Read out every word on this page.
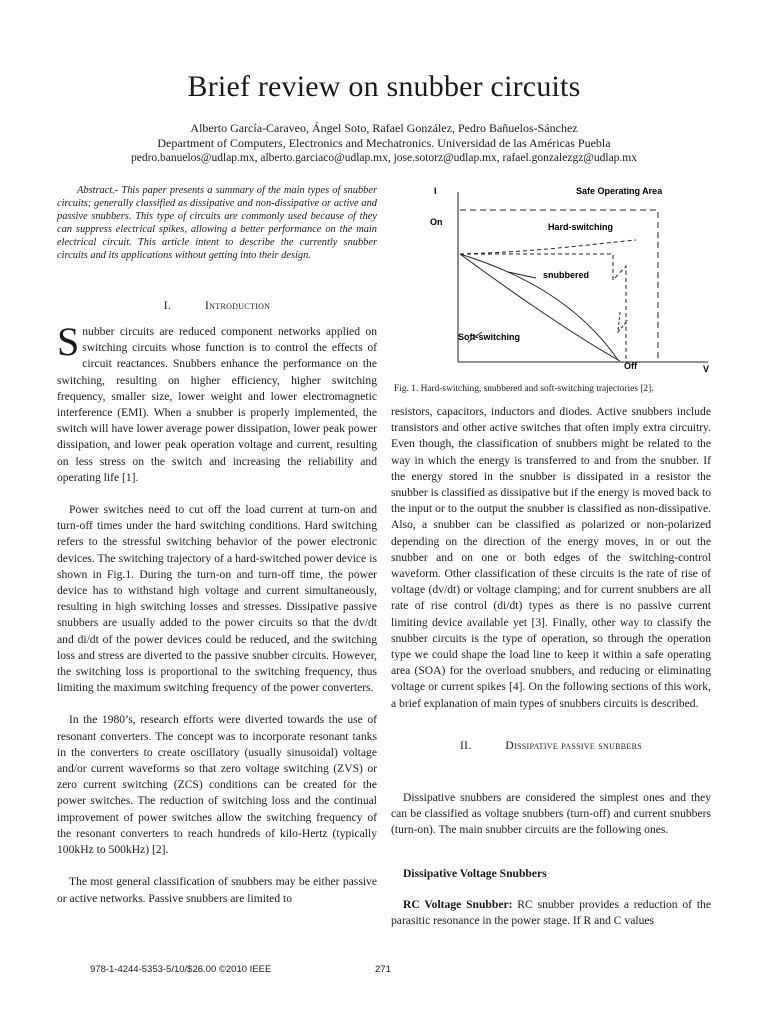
Brief review on snubber circuits
Alberto García-Caraveo, Ángel Soto, Rafael González, Pedro Bañuelos-Sánchez
Department of Computers, Electronics and Mechatronics. Universidad de las Américas Puebla
pedro.banuelos@udlap.mx, alberto.garciaco@udlap.mx, jose.sotorz@udlap.mx, rafael.gonzalezgz@udlap.mx
Abstract.- This paper presents a summary of the main types of snubber circuits; generally classified as dissipative and non-dissipative or active and passive snubbers. This type of circuits are commonly used because of they can suppress electrical spikes, allowing a better performance on the main electrical circuit. This article intent to describe the currently snubber circuits and its applications without getting into their design.
I.	Introduction

Snubber circuits are reduced component networks applied on switching circuits whose function is to control the effects of circuit reactances. Snubbers enhance the performance on the switching, resulting on higher efficiency, higher switching frequency, smaller size, lower weight and lower electromagnetic interference (EMI). When a snubber is properly implemented, the switch will have lower average power dissipation, lower peak power dissipation, and lower peak operation voltage and current, resulting on less stress on the switch and increasing the reliability and operating life [1].

Power switches need to cut off the load current at turn-on and turn-off times under the hard switching conditions. Hard switching refers to the stressful switching behavior of the power electronic devices. The switching trajectory of a hard-switched power device is shown in Fig.1. During the turn-on and turn-off time, the power device has to withstand high voltage and current simultaneously, resulting in high switching losses and stresses. Dissipative passive snubbers are usually added to the power circuits so that the dv/dt and di/dt of the power devices could be reduced, and the switching loss and stress are diverted to the passive snubber circuits. However, the switching loss is proportional to the switching frequency, thus limiting the maximum switching frequency of the power converters.

In the 1980’s, research efforts were diverted towards the use of resonant converters. The concept was to incorporate resonant tanks in the converters to create oscillatory (usually sinusoidal) voltage and/or current waveforms so that zero voltage switching (ZVS) or zero current switching (ZCS) conditions can be created for the power switches. The reduction of switching loss and the continual improvement of power switches allow the switching frequency of the resonant converters to reach hundreds of kilo-Hertz (typically 100kHz to 500kHz) [2].

The most general classification of snubbers may be either passive or active networks. Passive snubbers are limited to

I
V
On
Off
Safe Operating Area
Hard-switching
snubbered
Soft-switching
Fig. 1. Hard-switching, snubbered and soft-switching trajectories [2].

resistors, capacitors, inductors and diodes. Active snubbers include transistors and other active switches that often imply extra circuitry. Even though, the classification of snubbers might be related to the way in which the energy is transferred to and from the snubber. If the energy stored in the snubber is dissipated in a resistor the snubber is classified as dissipative but if the energy is moved back to the input or to the output the snubber is classified as non-dissipative. Also, a snubber can be classified as polarized or non-polarized depending on the direction of the energy moves, in or out the snubber and on one or both edges of the switching-control waveform. Other classification of these circuits is the rate of rise of voltage (dv/dt) or voltage clamping; and for current snubbers are all rate of rise control (di/dt) types as there is no passive current limiting device available yet [3]. Finally, other way to classify the snubber circuits is the type of operation, so through the operation type we could shape the load line to keep it within a safe operating area (SOA) for the overload snubbers, and reducing or eliminating voltage or current spikes [4]. On the following sections of this work, a brief explanation of main types of snubbers circuits is described.

II.	Dissipative passive snubbers

Dissipative snubbers are considered the simplest ones and they can be classified as voltage snubbers (turn-off) and current snubbers (turn-on). The main snubber circuits are the following ones.

Dissipative Voltage Snubbers

RC Voltage Snubber: RC snubber provides a reduction of the parasitic resonance in the power stage. If R and C values

978-1-4244-5353-5/10/$26.00 ©2010 IEEE	271
